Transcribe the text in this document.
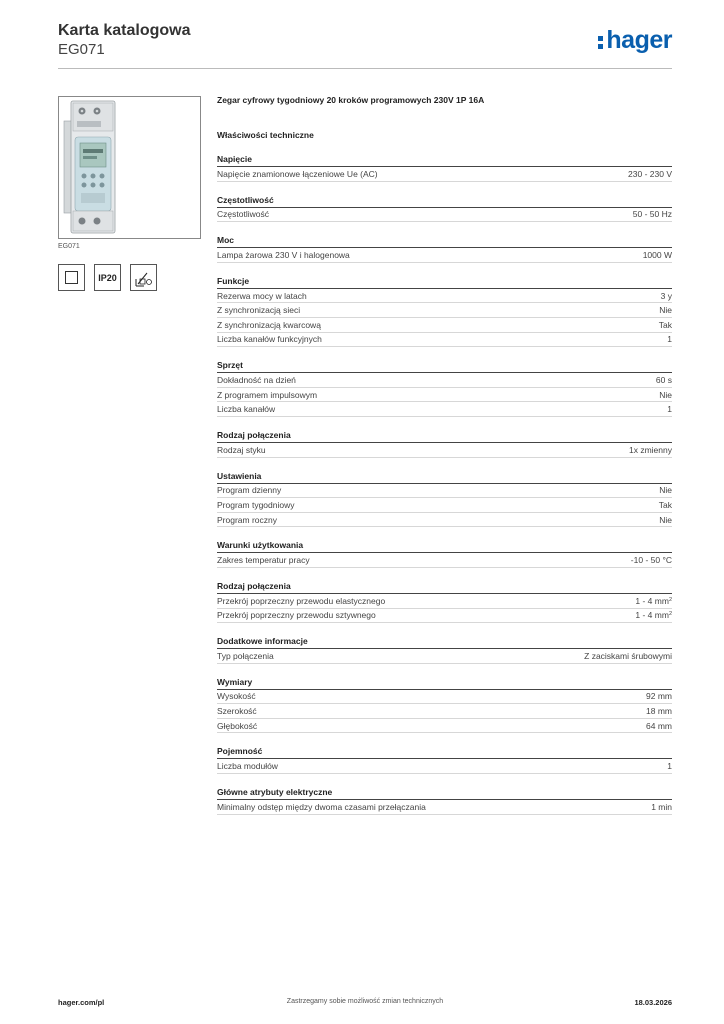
Karta katalogowa
EG071	hager
EG071
IP20
Zegar cyfrowy tygodniowy 20 kroków programowych 230V 1P 16A
Właściwości techniczne
Napięcie
Napięcie znamionowe łączeniowe Ue (AC)	230 - 230 V
Częstotliwość
Częstotliwość	50 - 50 Hz
Moc
Lampa żarowa 230 V i halogenowa	1000 W
Funkcje
Rezerwa mocy w latach	3 y
Z synchronizacją sieci	Nie
Z synchronizacją kwarcową	Tak
Liczba kanałów funkcyjnych	1
Sprzęt
Dokładność na dzień	60 s
Z programem impulsowym	Nie
Liczba kanałów	1
Rodzaj połączenia
Rodzaj styku	1x zmienny
Ustawienia
Program dzienny	Nie
Program tygodniowy	Tak
Program roczny	Nie
Warunki użytkowania
Zakres temperatur pracy	-10 - 50 °C
Rodzaj połączenia
Przekrój poprzeczny przewodu elastycznego	1 - 4 $mm^2$
Przekrój poprzeczny przewodu sztywnego	1 - 4 $mm^2$
Dodatkowe informacje
Typ połączenia	Z zaciskami śrubowymi
Wymiary
Wysokość	92 mm
Szerokość	18 mm
Głębokość	64 mm
Pojemność
Liczba modułów	1
Główne atrybuty elektryczne
Minimalny odstęp między dwoma czasami przełączania	1 min
hager.com/pl	Zastrzegamy sobie możliwość zmian technicznych	18.03.2026
